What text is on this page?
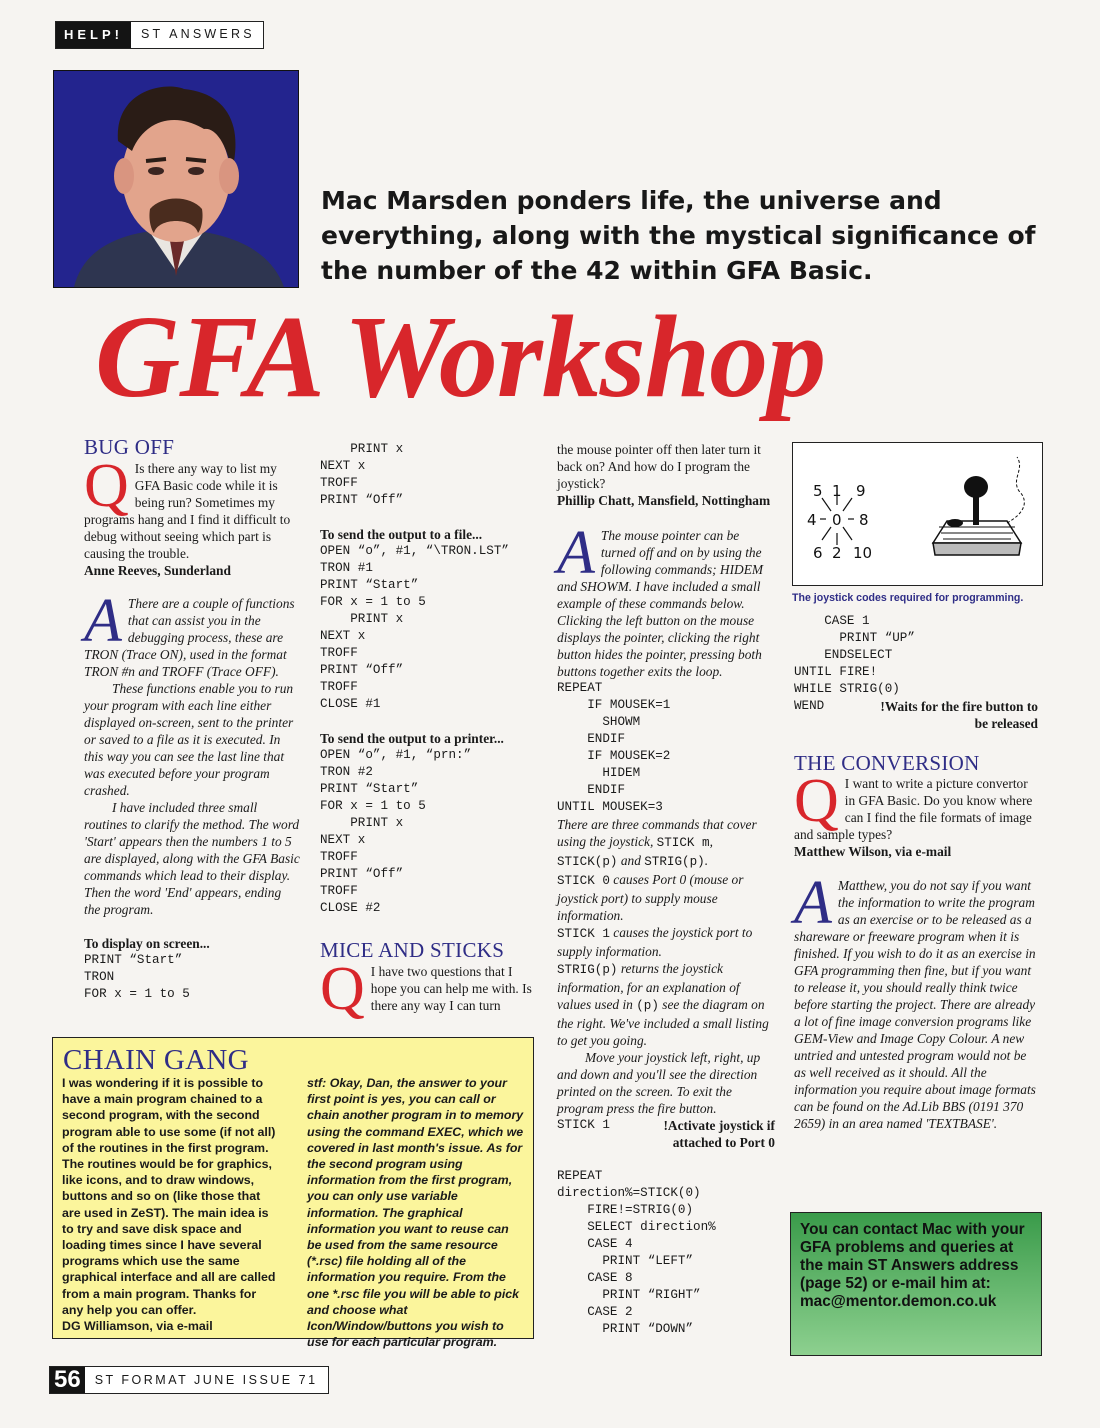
HELP!	ST ANSWERS
Mac Marsden ponders life, the universe and everything, along with the mystical significance of the number of the 42 within GFA Basic.
GFA Workshop
BUG OFF
Q Is there any way to list my GFA Basic code while it is being run? Sometimes my programs hang and I find it difficult to debug without seeing which part is causing the trouble.

Anne Reeves, Sunderland

A There are a couple of functions that can assist you in the debugging process, these are TRON (Trace ON), used in the format TRON #n and TROFF (Trace OFF).

These functions enable you to run your program with each line either displayed on-screen, sent to the printer or saved to a file as it is executed. In this way you can see the last line that was executed before your program crashed.

I have included three small routines to clarify the method. The word 'Start' appears then the numbers 1 to 5 are displayed, along with the GFA Basic commands which lead to their display. Then the word 'End' appears, ending the program.

To display on screen...

PRINT “Start”
TRON
FOR x = 1 to 5
PRINT x
NEXT x
TROFF
PRINT “Off”

To send the output to a file...

OPEN “o”, #1, “\TRON.LST”
TRON #1
PRINT “Start”
FOR x = 1 to 5
PRINT x
NEXT x
TROFF
PRINT “Off”
TROFF
CLOSE #1

To send the output to a printer...

OPEN “o”, #1, “prn:”
TRON #2
PRINT “Start”
FOR x = 1 to 5
PRINT x
NEXT x
TROFF
PRINT “Off”
TROFF
CLOSE #2
MICE AND STICKS
Q I have two questions that I hope you can help me with. Is there any way I can turn

the mouse pointer off then later turn it back on? And how do I program the joystick?

Phillip Chatt, Mansfield, Nottingham

A The mouse pointer can be turned off and on by using the following commands; HIDEM and SHOWM. I have included a small example of these commands below. Clicking the left button on the mouse displays the pointer, clicking the right button hides the pointer, pressing both buttons together exits the loop.

REPEAT
IF MOUSEK=1
SHOWM
ENDIF
IF MOUSEK=2
HIDEM
ENDIF
UNTIL MOUSEK=3

There are three commands that cover using the joystick, STICK m, STICK(p) and STRIG(p).

STICK 0 causes Port 0 (mouse or joystick port) to supply mouse information.

STICK 1 causes the joystick port to supply information.

STRIG(p) returns the joystick information, for an explanation of values used in (p) see the diagram on the right. We've included a small listing to get you going.

Move your joystick left, right, up and down and you'll see the direction printed on the screen. To exit the program press the fire button.

STICK 1	!Activate joystick if attached to Port 0
REPEAT
direction%=STICK(0)
FIRE!=STRIG(0)
SELECT direction%
CASE 4
PRINT “LEFT”
CASE 8
PRINT “RIGHT”
CASE 2
PRINT “DOWN”
5 1 9
4 0 8
6 2 10
The joystick codes required for programming.
CASE 1
PRINT “UP”
ENDSELECT
UNTIL FIRE!
WHILE STRIG(0)
WEND	!Waits for the fire button to be released
THE CONVERSION
Q I want to write a picture convertor in GFA Basic. Do you know where can I find the file formats of image and sample types?

Matthew Wilson, via e-mail

A Matthew, you do not say if you want the information to write the program as an exercise or to be released as a shareware or freeware program when it is finished. If you wish to do it as an exercise in GFA programming then fine, but if you want to release it, you should really think twice before starting the project. There are already a lot of fine image conversion programs like GEM-View and Image Copy Colour. A new untried and untested program would not be as well received as it should. All the information you require about image formats can be found on the Ad.Lib BBS (0191 370 2659) in an area named 'TEXTBASE'.

CHAIN GANG

I was wondering if it is possible to have a main program chained to a second program, with the second program able to use some (if not all) of the routines in the first program. The routines would be for graphics, like icons, and to draw windows, buttons and so on (like those that are used in ZeST). The main idea is to try and save disk space and loading times since I have several programs which use the same graphical interface and all are called from a main program. Thanks for any help you can offer.

DG Williamson, via e-mail

stf: Okay, Dan, the answer to your first point is yes, you can call or chain another program in to memory using the command EXEC, which we covered in last month's issue. As for the second program using information from the first program, you can only use variable information. The graphical information you want to reuse can be used from the same resource (*.rsc) file holding all of the information you require. From the one *.rsc file you will be able to pick and choose what Icon/Window/buttons you wish to use for each particular program.
You can contact Mac with your GFA problems and queries at the main ST Answers address (page 52) or e-mail him at: mac@mentor.demon.co.uk
56	ST FORMAT JUNE ISSUE 71
